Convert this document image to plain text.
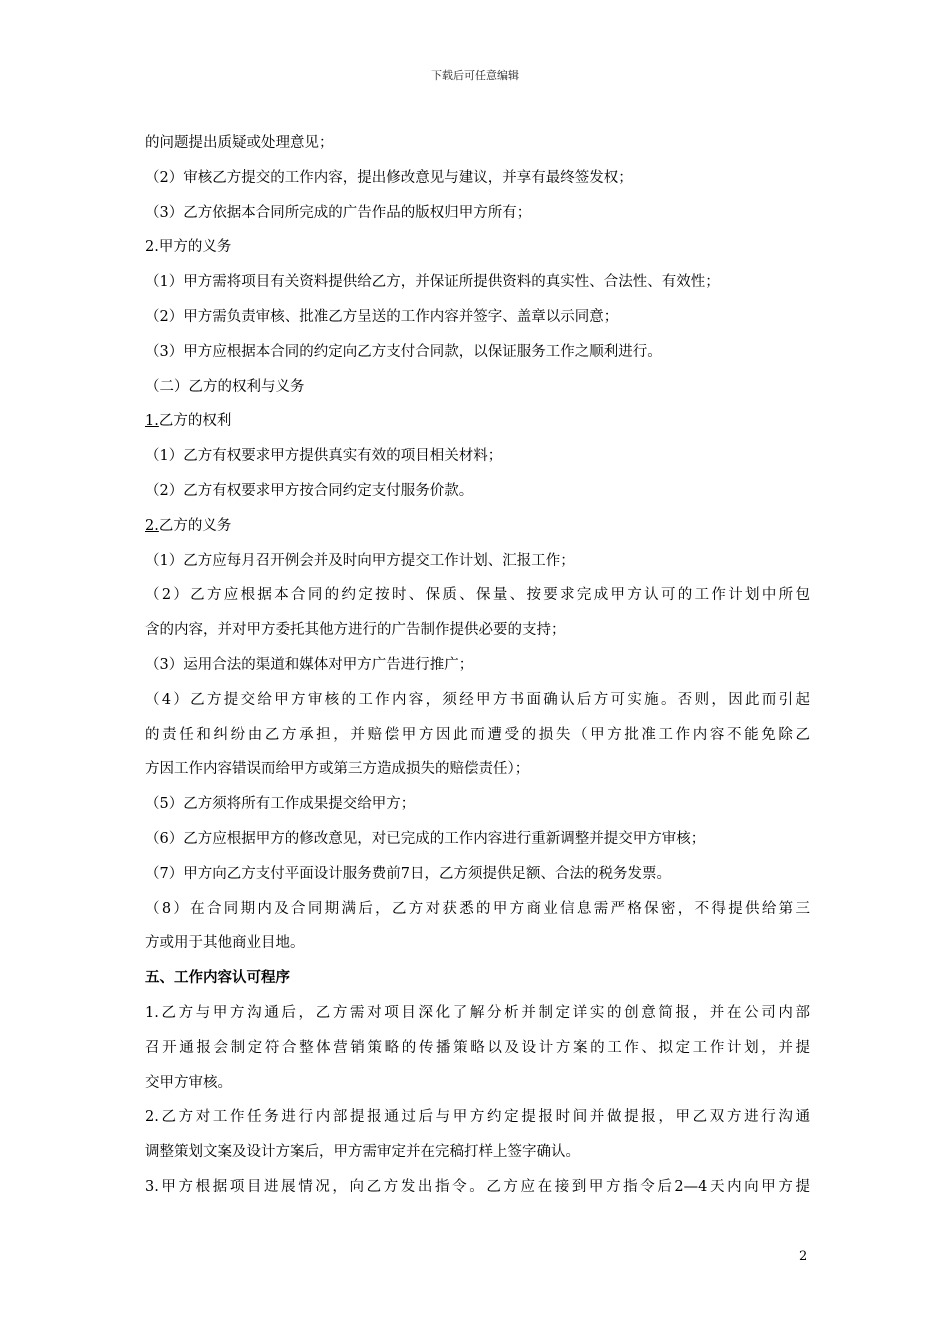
下载后可任意编辑
的问题提出质疑或处理意见；
（2）审核乙方提交的工作内容，提出修改意见与建议，并享有最终签发权；
（3）乙方依据本合同所完成的广告作品的版权归甲方所有；
2.甲方的义务
（1）甲方需将项目有关资料提供给乙方，并保证所提供资料的真实性、合法性、有效性；
（2）甲方需负责审核、批准乙方呈送的工作内容并签字、盖章以示同意；
（3）甲方应根据本合同的约定向乙方支付合同款，以保证服务工作之顺利进行。
（二）乙方的权利与义务
1.乙方的权利
（1）乙方有权要求甲方提供真实有效的项目相关材料；
（2）乙方有权要求甲方按合同约定支付服务价款。
2.乙方的义务
（1）乙方应每月召开例会并及时向甲方提交工作计划、汇报工作；
（2）乙方应根据本合同的约定按时、保质、保量、按要求完成甲方认可的工作计划中所包
含的内容，并对甲方委托其他方进行的广告制作提供必要的支持；
（3）运用合法的渠道和媒体对甲方广告进行推广；
（4）乙方提交给甲方审核的工作内容，须经甲方书面确认后方可实施。否则，因此而引起
的责任和纠纷由乙方承担，并赔偿甲方因此而遭受的损失（甲方批准工作内容不能免除乙
方因工作内容错误而给甲方或第三方造成损失的赔偿责任）；
（5）乙方须将所有工作成果提交给甲方；
（6）乙方应根据甲方的修改意见，对已完成的工作内容进行重新调整并提交甲方审核；
（7）甲方向乙方支付平面设计服务费前7日，乙方须提供足额、合法的税务发票。
（8）在合同期内及合同期满后，乙方对获悉的甲方商业信息需严格保密，不得提供给第三
方或用于其他商业目地。
五、工作内容认可程序
1.乙方与甲方沟通后，乙方需对项目深化了解分析并制定详实的创意简报，并在公司内部
召开通报会制定符合整体营销策略的传播策略以及设计方案的工作、拟定工作计划，并提
交甲方审核。
2.乙方对工作任务进行内部提报通过后与甲方约定提报时间并做提报，甲乙双方进行沟通
调整策划文案及设计方案后，甲方需审定并在完稿打样上签字确认。
3.甲方根据项目进展情况，向乙方发出指令。乙方应在接到甲方指令后2—4天内向甲方提
2
